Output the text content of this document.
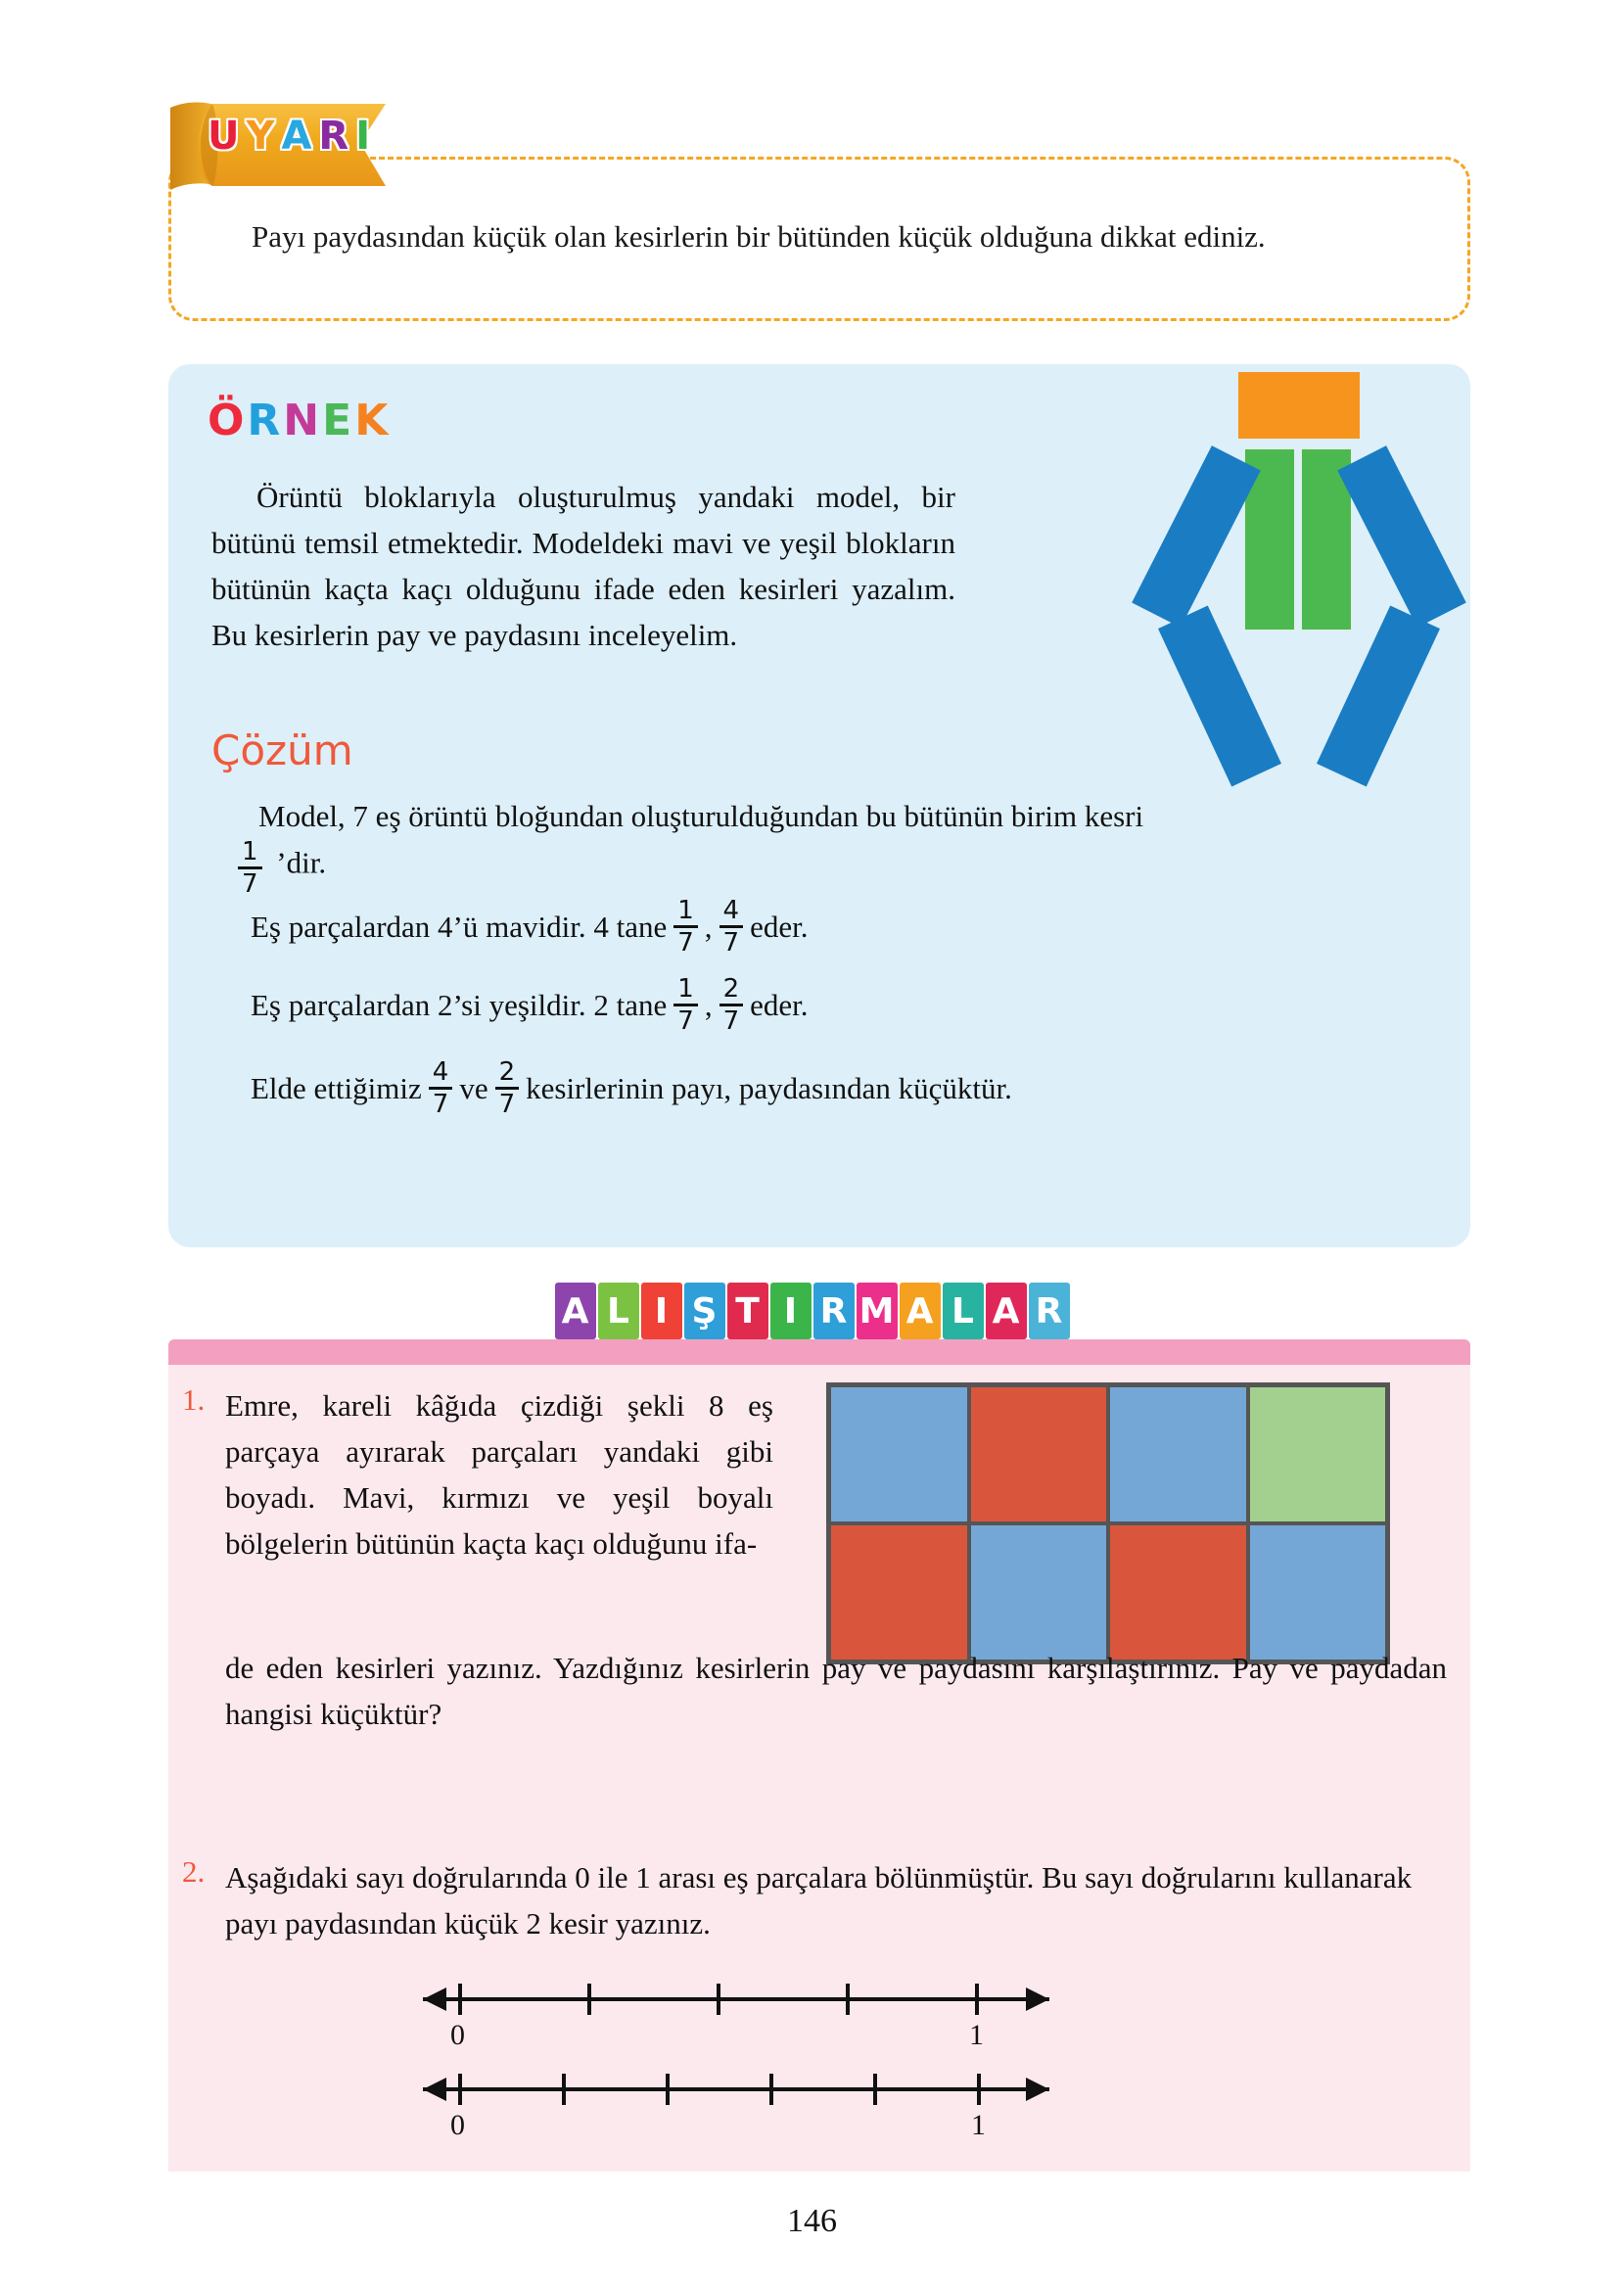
UYARI
Payı paydasından küçük olan kesirlerin bir bütünden küçük olduğuna dikkat ediniz.
ÖRNEK
Örüntü bloklarıyla oluşturulmuş yandaki model, bir bütünü temsil etmektedir. Modeldeki mavi ve yeşil blokların bütünün kaçta kaçı olduğunu ifade eden kesirleri yazalım. Bu kesirlerin pay ve paydasını inceleyelim.
Çözüm
Model, 7 eş örüntü bloğundan oluşturulduğundan bu bütünün birim kesri

$\frac{1}{7}$ ’dir.
Eş parçalardan 4’ü mavidir. 4 tane $\frac{1}{7}$ , $\frac{4}{7}$ eder.
Eş parçalardan 2’si yeşildir. 2 tane $\frac{1}{7}$ , $\frac{2}{7}$ eder.
Elde ettiğimiz $\frac{4}{7}$ ve $\frac{2}{7}$ kesirlerinin payı, paydasından küçüktür.
A L I Ş T I R M A L A R
1. Emre, kareli kâğıda çizdiği şekli 8 eş parçaya ayırarak parçaları yandaki gibi boyadı. Mavi, kırmızı ve yeşil boyalı bölgelerin bütünün kaçta kaçı olduğunu ifa-
de eden kesirleri yazınız. Yazdığınız kesirlerin pay ve paydasını karşılaştırınız. Pay ve paydadan hangisi küçüktür?
2. Aşağıdaki sayı doğrularında 0 ile 1 arası eş parçalara bölünmüştür. Bu sayı doğrularını kullanarak payı paydasından küçük 2 kesir yazınız.
0	1
0	1
146
